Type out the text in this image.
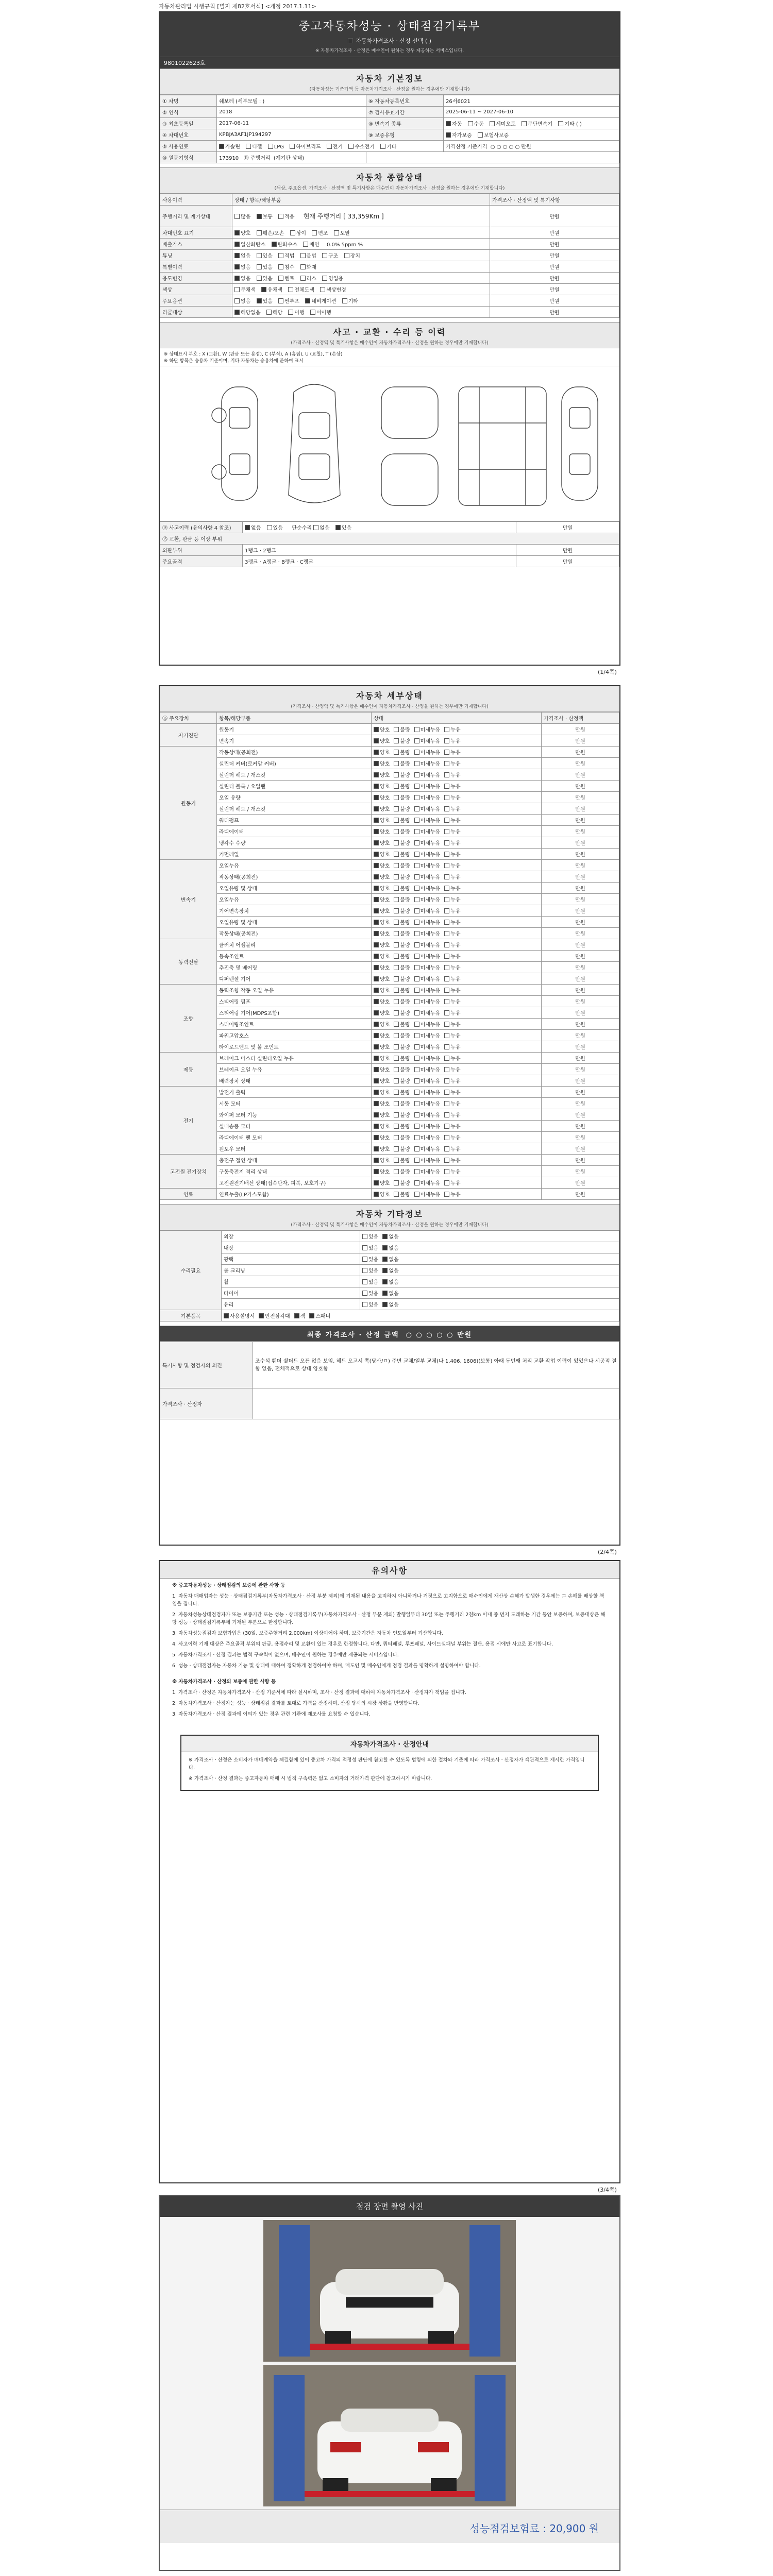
자동차관리법 시행규칙 [별지 제82호서식] <개정 2017.1.11>
중고자동차성능 · 상태점검기록부
자동차가격조사 · 산정 선택 ( )
※ 자동차가격조사 · 산정은 매수인이 원하는 경우 제공하는 서비스입니다.
9801022623호
자동차 기본정보
(자동차성능 기준가액 등 자동차가격조사 · 산정을 원하는 경우에만 기재합니다)
① 차명	쉐보레 (세부모델 : )	⑥ 자동차등록번호	26서6021
② 연식	2018	⑦ 검사유효기간	2025-06-11 ~ 2027-06-10
③ 최초등록일	2017-06-11	⑧ 변속기 종류	자동 수동 세미오토 무단변속기 기타 ( )
④ 차대번호	KPBJA3AF1JP194297	⑨ 보증유형	자가보증 보험사보증
⑤ 사용연료	가솔린 디젤 LPG 하이브리드 전기 수소전기 기타		가격산정 기준가격 ○ ○ ○ ○ ○ 만원
⑩ 원동기형식	173910 ⑪ 주행거리 (계기판 상태)		
자동차 종합상태
(색상, 주요옵션, 가격조사 · 산정액 및 특기사항은 매수인이 자동차가격조사 · 산정을 원하는 경우에만 기재합니다)
사용이력	상태 / 항목/해당부품	가격조사 · 산정액 및 특기사항
주행거리 및 계기상태	많음 보통 적음 현재 주행거리 [ 33,359Km ]	만원
차대번호 표기	양호 훼손/오손 상이 변조 도말	만원
배출가스	일산화탄소 탄화수소 매연 0.0% 5ppm %	만원
튜닝	없음 있음 적법 불법 구조 장치	만원
특별이력	없음 있음 침수 화재	만원
용도변경	없음 있음 렌트 리스 영업용	만원
색상	무채색 유채색 전체도색 색상변경	만원
주요옵션	없음 있음 썬루프 네비게이션 기타	만원
리콜대상	해당없음 해당 이행 미이행	만원
사고 · 교환 · 수리 등 이력
(가격조사 · 산정액 및 특기사항은 매수인이 자동차가격조사 · 산정을 원하는 경우에만 기재합니다)
※ 상태표시 부호 : X (교환), W (판금 또는 용접), C (부식), A (흠집), U (요철), T (손상)
※ 하단 항목은 승용차 기준이며, 기타 자동차는 승용차에 준하여 표시
⑭ 사고이력 (유의사항 4 참조)	없음 있음 단순수리 없음 있음	만원
⑮ 교환, 판금 등 이상 부위		
외판부위	1랭크 · 2랭크	만원
주요골격	3랭크 · A랭크 · B랭크 · C랭크	만원
(1/4쪽)
자동차 세부상태
(가격조사 · 산정액 및 특기사항은 매수인이 자동차가격조사 · 산정을 원하는 경우에만 기재합니다)
⑯ 주요장치	항목/해당부품	상태	가격조사 · 산정액
자기진단	원동기	양호 불량 미세누유 누유	만원
	변속기	양호 불량 미세누유 누유	만원
원동기	작동상태(공회전)	양호 불량 미세누유 누유	만원
	실린더 커버(로커암 커버)	양호 불량 미세누유 누유	만원
	실린더 헤드 / 개스킷	양호 불량 미세누유 누유	만원
	실린더 블록 / 오일팬	양호 불량 미세누유 누유	만원
	오일 유량	양호 불량 미세누유 누유	만원
	실린더 헤드 / 개스킷	양호 불량 미세누유 누유	만원
	워터펌프	양호 불량 미세누유 누유	만원
	라디에이터	양호 불량 미세누유 누유	만원
	냉각수 수량	양호 불량 미세누유 누유	만원
	커먼레일	양호 불량 미세누유 누유	만원
변속기	오일누유	양호 불량 미세누유 누유	만원
	작동상태(공회전)	양호 불량 미세누유 누유	만원
	오일유량 및 상태	양호 불량 미세누유 누유	만원
	오일누유	양호 불량 미세누유 누유	만원
	기어변속장치	양호 불량 미세누유 누유	만원
	오일유량 및 상태	양호 불량 미세누유 누유	만원
	작동상태(공회전)	양호 불량 미세누유 누유	만원
동력전달	클러치 어셈블리	양호 불량 미세누유 누유	만원
	등속조인트	양호 불량 미세누유 누유	만원
	추진축 및 베어링	양호 불량 미세누유 누유	만원
	디퍼렌셜 기어	양호 불량 미세누유 누유	만원
조향	동력조향 작동 오일 누유	양호 불량 미세누유 누유	만원
	스티어링 펌프	양호 불량 미세누유 누유	만원
	스티어링 기어(MDPS포함)	양호 불량 미세누유 누유	만원
	스티어링조인트	양호 불량 미세누유 누유	만원
	파워고압호스	양호 불량 미세누유 누유	만원
	타이로드엔드 및 볼 조인트	양호 불량 미세누유 누유	만원
제동	브레이크 마스터 실린더오일 누유	양호 불량 미세누유 누유	만원
	브레이크 오일 누유	양호 불량 미세누유 누유	만원
	배력장치 상태	양호 불량 미세누유 누유	만원
전기	발전기 출력	양호 불량 미세누유 누유	만원
	시동 모터	양호 불량 미세누유 누유	만원
	와이퍼 모터 기능	양호 불량 미세누유 누유	만원
	실내송풍 모터	양호 불량 미세누유 누유	만원
	라디에이터 팬 모터	양호 불량 미세누유 누유	만원
	윈도우 모터	양호 불량 미세누유 누유	만원
고전원 전기장치	충전구 절연 상태	양호 불량 미세누유 누유	만원
	구동축전지 격리 상태	양호 불량 미세누유 누유	만원
	고전원전기배선 상태(접속단자, 피복, 보호기구)	양호 불량 미세누유 누유	만원
연료	연료누출(LP가스포함)	양호 불량 미세누유 누유	만원
자동차 기타정보
(가격조사 · 산정액 및 특기사항은 매수인이 자동차가격조사 · 산정을 원하는 경우에만 기재합니다)
수리필요	외장	있음 없음
	내장	있음 없음
	광택	있음 없음
	룸 크리닝	있음 없음
	휠	있음 없음
	타이어	있음 없음
	유리	있음 없음
기본품목	사용설명서 안전삼각대 잭 스패너	
최종 가격조사 · 산정 금액 ○ ○ ○ ○ ○ 만원
특기사항 및 점검자의 의견	조수석 휀더 쉴더드 오픈 없음 보임, 헤드 오고시 쪽(당사/ㅁ) 주변 교체/일부 교체(나 1.406, 1606)(보통) 아래 두번째 처리 교환 작업 이력이 있었으나 시공적 결함 없음, 전체적으로 상태 양호함
가격조사 · 산정자	
(2/4쪽)
유의사항

※ 중고자동차성능 · 상태점검의 보증에 관한 사항 등

1. 자동차 매매업자는 성능 · 상태점검기록부(자동차가격조사 · 산정 부분 제외)에 기재된 내용을 고지하지 아니하거나 거짓으로 고지함으로 매수인에게 재산상 손해가 발생한 경우에는 그 손해를 배상할 책임을 집니다.

2. 자동차성능상태점검자가 또는 보증기간 또는 성능 · 상태점검기록부(자동차가격조사 · 산정 부분 제외) 발행일부터 30일 또는 주행거리 2천km 이내 중 먼저 도래하는 기간 동안 보증하며, 보증대상은 해당 성능 · 상태점검기록부에 기재된 부분으로 한정합니다.

3. 자동차성능점검자 보험가입은 (30일, 보증주행거리 2,000km) 이상이어야 하며, 보증기간은 자동차 인도일부터 기산합니다.

4. 사고이력 기재 대상은 주요골격 부위의 판금, 용접수리 및 교환이 있는 경우로 한정합니다. 다만, 쿼터패널, 루프패널, 사이드실패널 부위는 절단, 용접 시에만 사고로 표기합니다.

5. 자동차가격조사 · 산정 결과는 법적 구속력이 없으며, 매수인이 원하는 경우에만 제공되는 서비스입니다.

6. 성능 · 상태점검자는 자동차 기능 및 상태에 대하여 정확하게 점검하여야 하며, 매도인 및 매수인에게 점검 결과를 명확하게 설명하여야 합니다.

※ 자동차가격조사 · 산정의 보증에 관한 사항 등

1. 가격조사 · 산정은 자동차가격조사 · 산정 기준서에 따라 실시하며, 조사 · 산정 결과에 대하여 자동차가격조사 · 산정자가 책임을 집니다.

2. 자동차가격조사 · 산정자는 성능 · 상태점검 결과를 토대로 가격을 산정하며, 산정 당시의 시장 상황을 반영합니다.

3. 자동차가격조사 · 산정 결과에 이의가 있는 경우 관련 기관에 재조사를 요청할 수 있습니다.

자동차가격조사 · 산정안내

※ 가격조사 · 산정은 소비자가 매매계약을 체결함에 있어 중고차 가격의 적정성 판단에 참고할 수 있도록 법령에 의한 절차와 기준에 따라 가격조사 · 산정자가 객관적으로 제시한 가격입니다.

※ 가격조사 · 산정 결과는 중고자동차 매매 시 법적 구속력은 없고 소비자의 거래가격 판단에 참고하시기 바랍니다.

(3/4쪽)
점검 장면 촬영 사진
성능점검보험료 : 20,900 원
